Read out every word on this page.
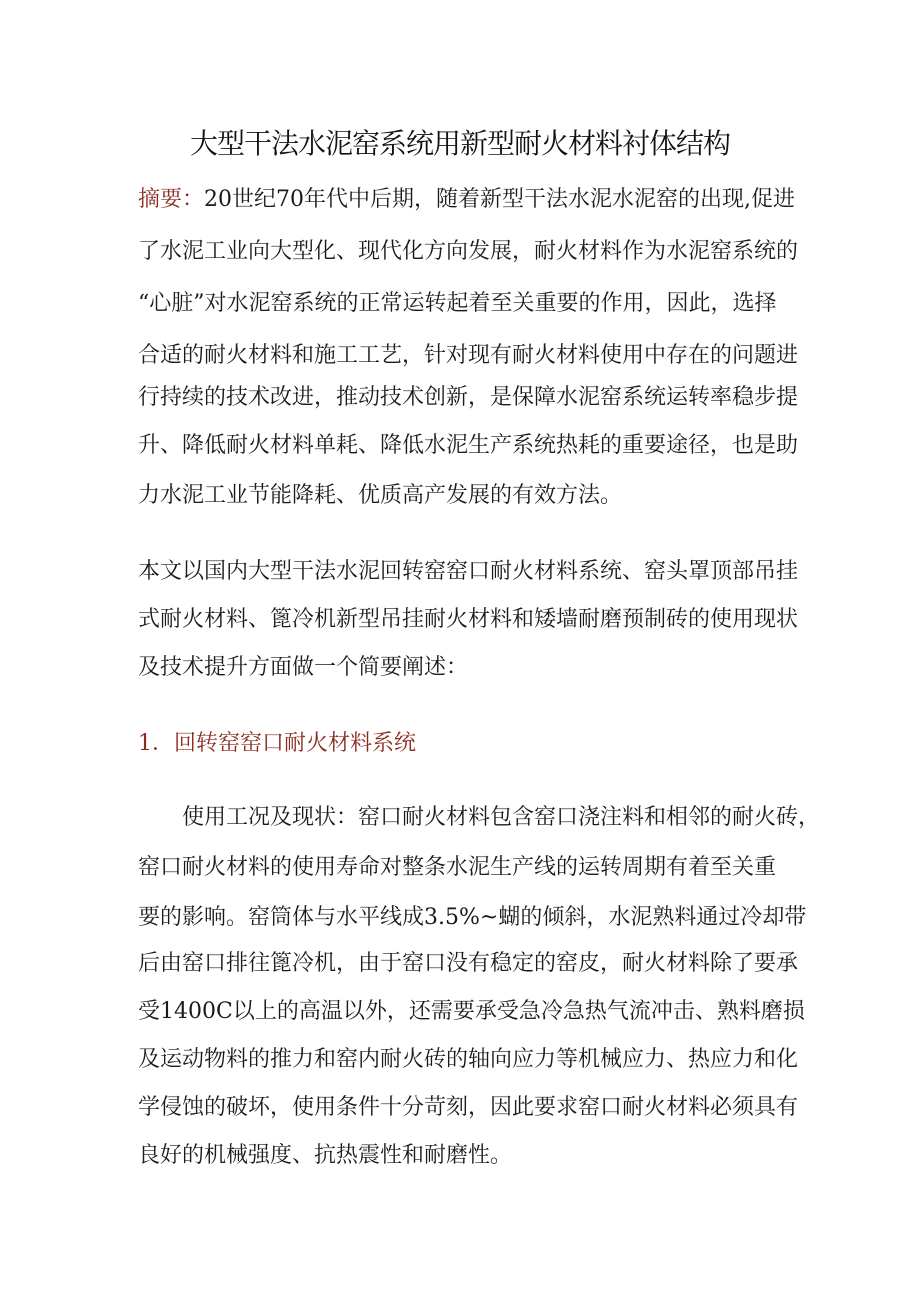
大型干法水泥窑系统用新型耐火材料衬体结构
摘要：20世纪70年代中后期，随着新型干法水泥水泥窑的出现,促进
了水泥工业向大型化、现代化方向发展，耐火材料作为水泥窑系统的
“心脏”对水泥窑系统的正常运转起着至关重要的作用，因此，选择
合适的耐火材料和施工工艺，针对现有耐火材料使用中存在的问题进
行持续的技术改进，推动技术创新，是保障水泥窑系统运转率稳步提
升、降低耐火材料单耗、降低水泥生产系统热耗的重要途径，也是助
力水泥工业节能降耗、优质高产发展的有效方法。
本文以国内大型干法水泥回转窑窑口耐火材料系统、窑头罩顶部吊挂
式耐火材料、篦冷机新型吊挂耐火材料和矮墙耐磨预制砖的使用现状
及技术提升方面做一个简要阐述：
1．回转窑窑口耐火材料系统
使用工况及现状：窑口耐火材料包含窑口浇注料和相邻的耐火砖，
窑口耐火材料的使用寿命对整条水泥生产线的运转周期有着至关重
要的影响。窑筒体与水平线成3.5%~蝴的倾斜，水泥熟料通过冷却带
后由窑口排往篦冷机，由于窑口没有稳定的窑皮，耐火材料除了要承
受1400C以上的高温以外，还需要承受急冷急热气流冲击、熟料磨损
及运动物料的推力和窑内耐火砖的轴向应力等机械应力、热应力和化
学侵蚀的破坏，使用条件十分苛刻，因此要求窑口耐火材料必须具有
良好的机械强度、抗热震性和耐磨性。
